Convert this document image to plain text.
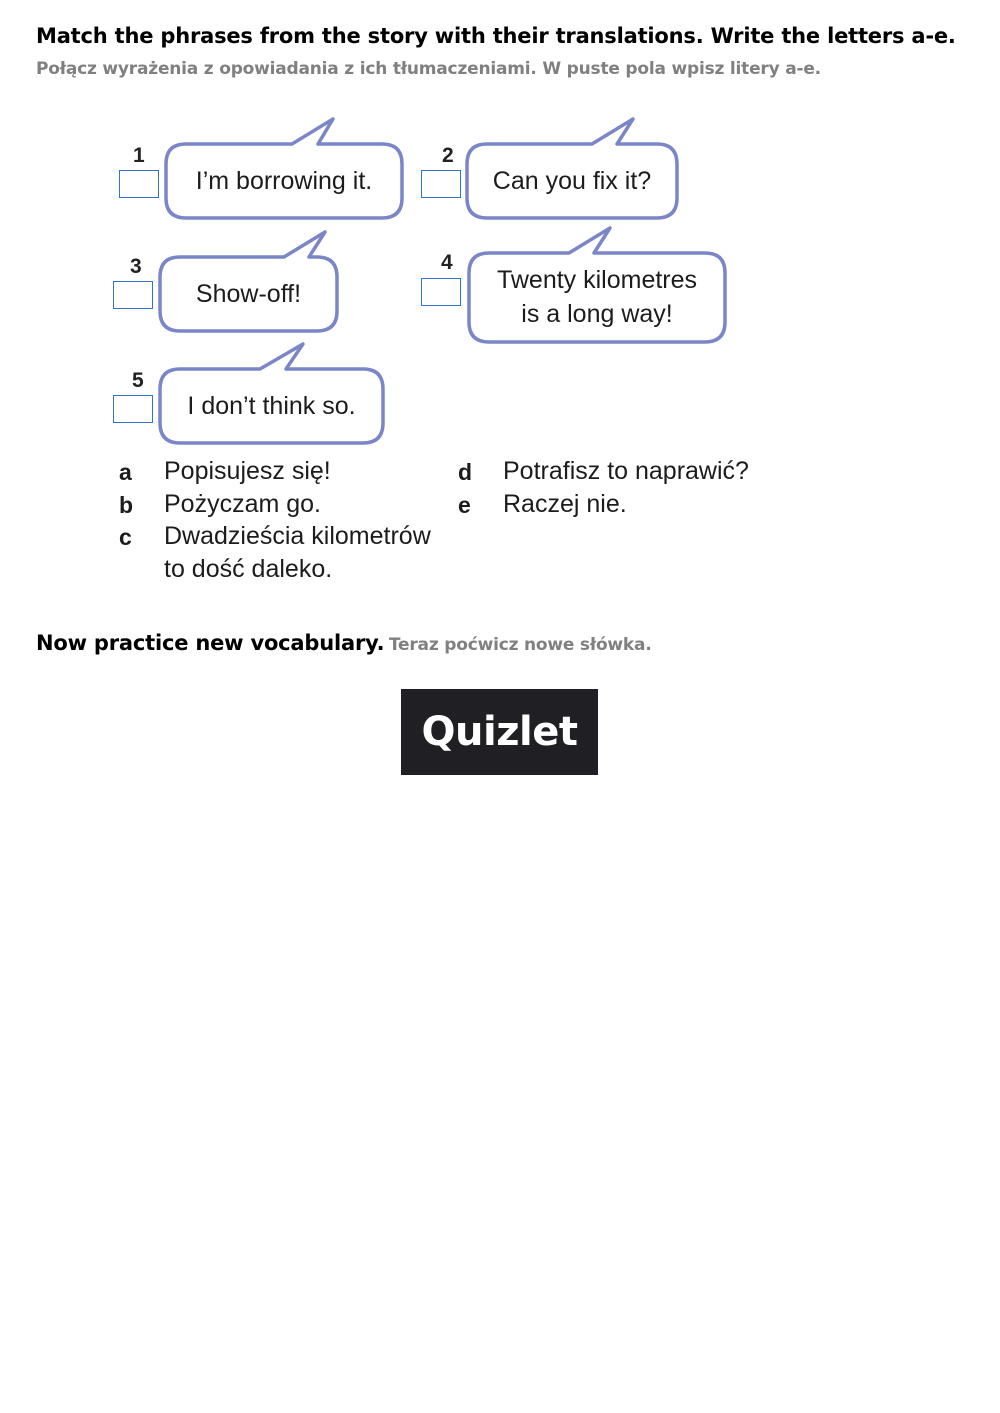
Match the phrases from the story with their translations. Write the letters a-e.
Połącz wyrażenia z opowiadania z ich tłumaczeniami. W puste pola wpisz litery a-e.
1
I’m borrowing it.
2
Can you fix it?
3
Show-off!
4
Twenty kilometres
is a long way!
5
I don’t think so.
a Popisujesz się!
b Pożyczam go.
c Dwadzieścia kilometrów
to dość daleko.
d Potrafisz to naprawić?
e Raczej nie.
Now practice new vocabulary. Teraz poćwicz nowe słówka.
Quizlet
